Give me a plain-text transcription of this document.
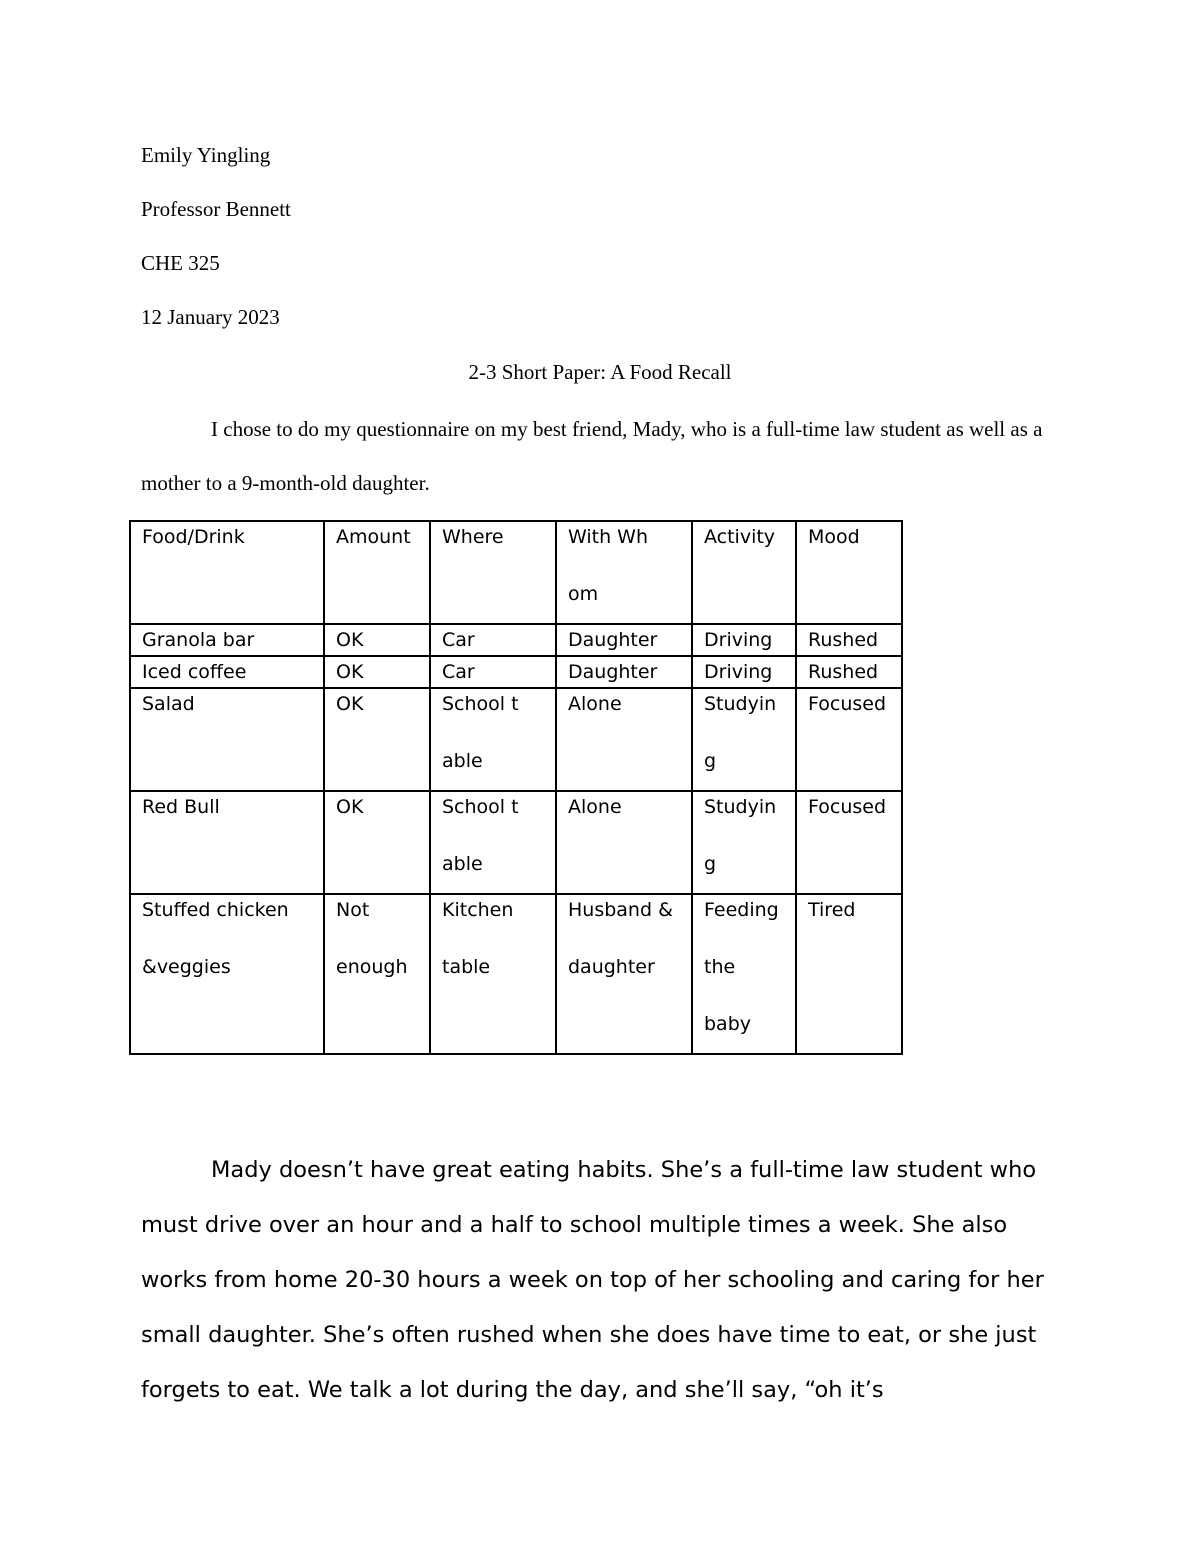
Emily Yingling
Professor Bennett
CHE 325
12 January 2023
2-3 Short Paper: A Food Recall

I chose to do my questionnaire on my best friend, Mady, who is a full-time law student as well as a mother to a 9-month-old daughter.

Food/Drink	Amount	Where	With Whom	Activity	Mood
Granola bar	OK	Car	Daughter	Driving	Rushed
Iced coffee	OK	Car	Daughter	Driving	Rushed
Salad	OK	School table	Alone	Studying	Focused
Red Bull	OK	School table	Alone	Studying	Focused

Stuffed chicken &veggies	Not enough	Kitchen table	Husband & daughter	Feeding the baby	Tired

Mady doesn’t have great eating habits. She’s a full-time law student who must drive over an hour and a half to school multiple times a week. She also works from home 20-30 hours a week on top of her schooling and caring for her small daughter. She’s often rushed when she does have time to eat, or she just forgets to eat. We talk a lot during the day, and she’ll say, “oh it’s
